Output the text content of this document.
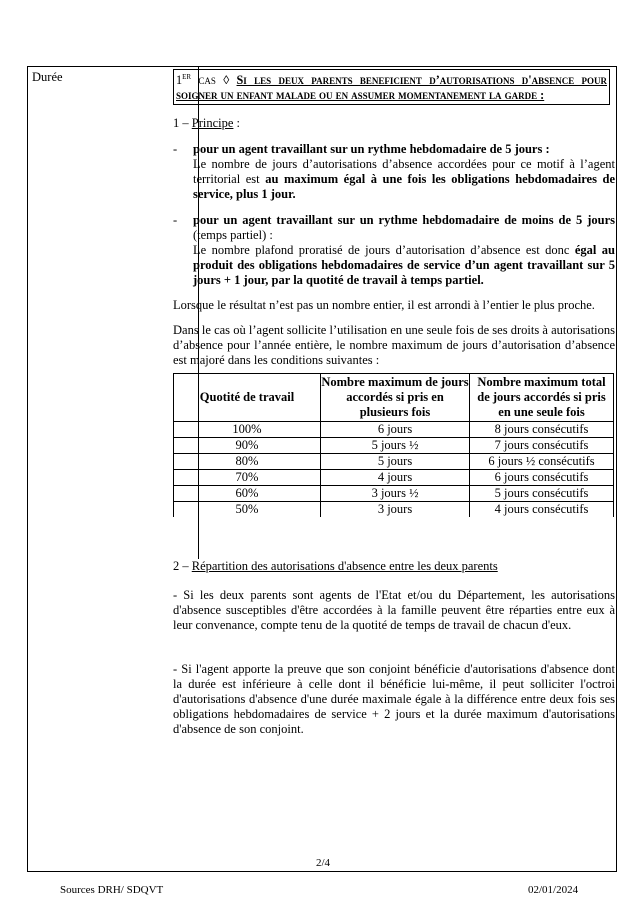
Durée	1ER cas ◊ Si les deux parents beneficient d’autorisations d'absence pour soigner un enfant malade ou en assumer momentanement la garde :

1 – Principe :

- pour un agent travaillant sur un rythme hebdomadaire de 5 jours :
Le nombre de jours d’autorisations d’absence accordées pour ce motif à l’agent territorial est au maximum égal à une fois les obligations hebdomadaires de service, plus 1 jour.
- pour un agent travaillant sur un rythme hebdomadaire de moins de 5 jours (temps partiel) :
Le nombre plafond proratisé de jours d’autorisation d’absence est donc égal au produit des obligations hebdomadaires de service d’un agent travaillant sur 5 jours + 1 jour, par la quotité de travail à temps partiel.

Lorsque le résultat n’est pas un nombre entier, il est arrondi à l’entier le plus proche.

Dans le cas où l’agent sollicite l’utilisation en une seule fois de ses droits à autorisations d’absence pour l’année entière, le nombre maximum de jours d’autorisation d’absence est majoré dans les conditions suivantes :

Quotité de travail	Nombre maximum de jours accordés si pris en plusieurs fois	Nombre maximum total de jours accordés si pris en une seule fois
100%	6 jours	8 jours consécutifs
90%	5 jours ½	7 jours consécutifs
80%	5 jours	6 jours ½ consécutifs
70%	4 jours	6 jours consécutifs
60%	3 jours ½	5 jours consécutifs
50%	3 jours	4 jours consécutifs

2 – Répartition des autorisations d'absence entre les deux parents

- Si les deux parents sont agents de l'Etat et/ou du Département, les autorisations d'absence susceptibles d'être accordées à la famille peuvent être réparties entre eux à leur convenance, compte tenu de la quotité de temps de travail de chacun d'eux.

- Si l'agent apporte la preuve que son conjoint bénéficie d'autorisations d'absence dont la durée est inférieure à celle dont il bénéficie lui-même, il peut solliciter l'octroi d'autorisations d'absence d'une durée maximale égale à la différence entre deux fois ses obligations hebdomadaires de service + 2 jours et la durée maximum d'autorisations d'absence de son conjoint.

2/4
Sources DRH/ SDQVT	02/01/2024
